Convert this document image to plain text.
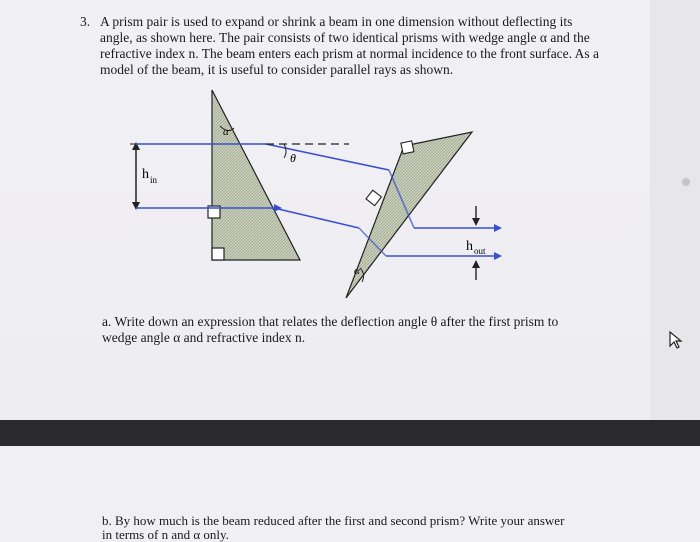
3. A prism pair is used to expand or shrink a beam in one dimension without deflecting its angle, as shown here. The pair consists of two identical prisms with wedge angle α and the refractive index n. The beam enters each prism at normal incidence to the front surface. As a model of the beam, it is useful to consider parallel rays as shown.
h in
α
θ
α
h out
a. Write down an expression that relates the deflection angle θ after the first prism to wedge angle α and refractive index n.
b. By how much is the beam reduced after the first and second prism? Write your answer in terms of n and α only.
